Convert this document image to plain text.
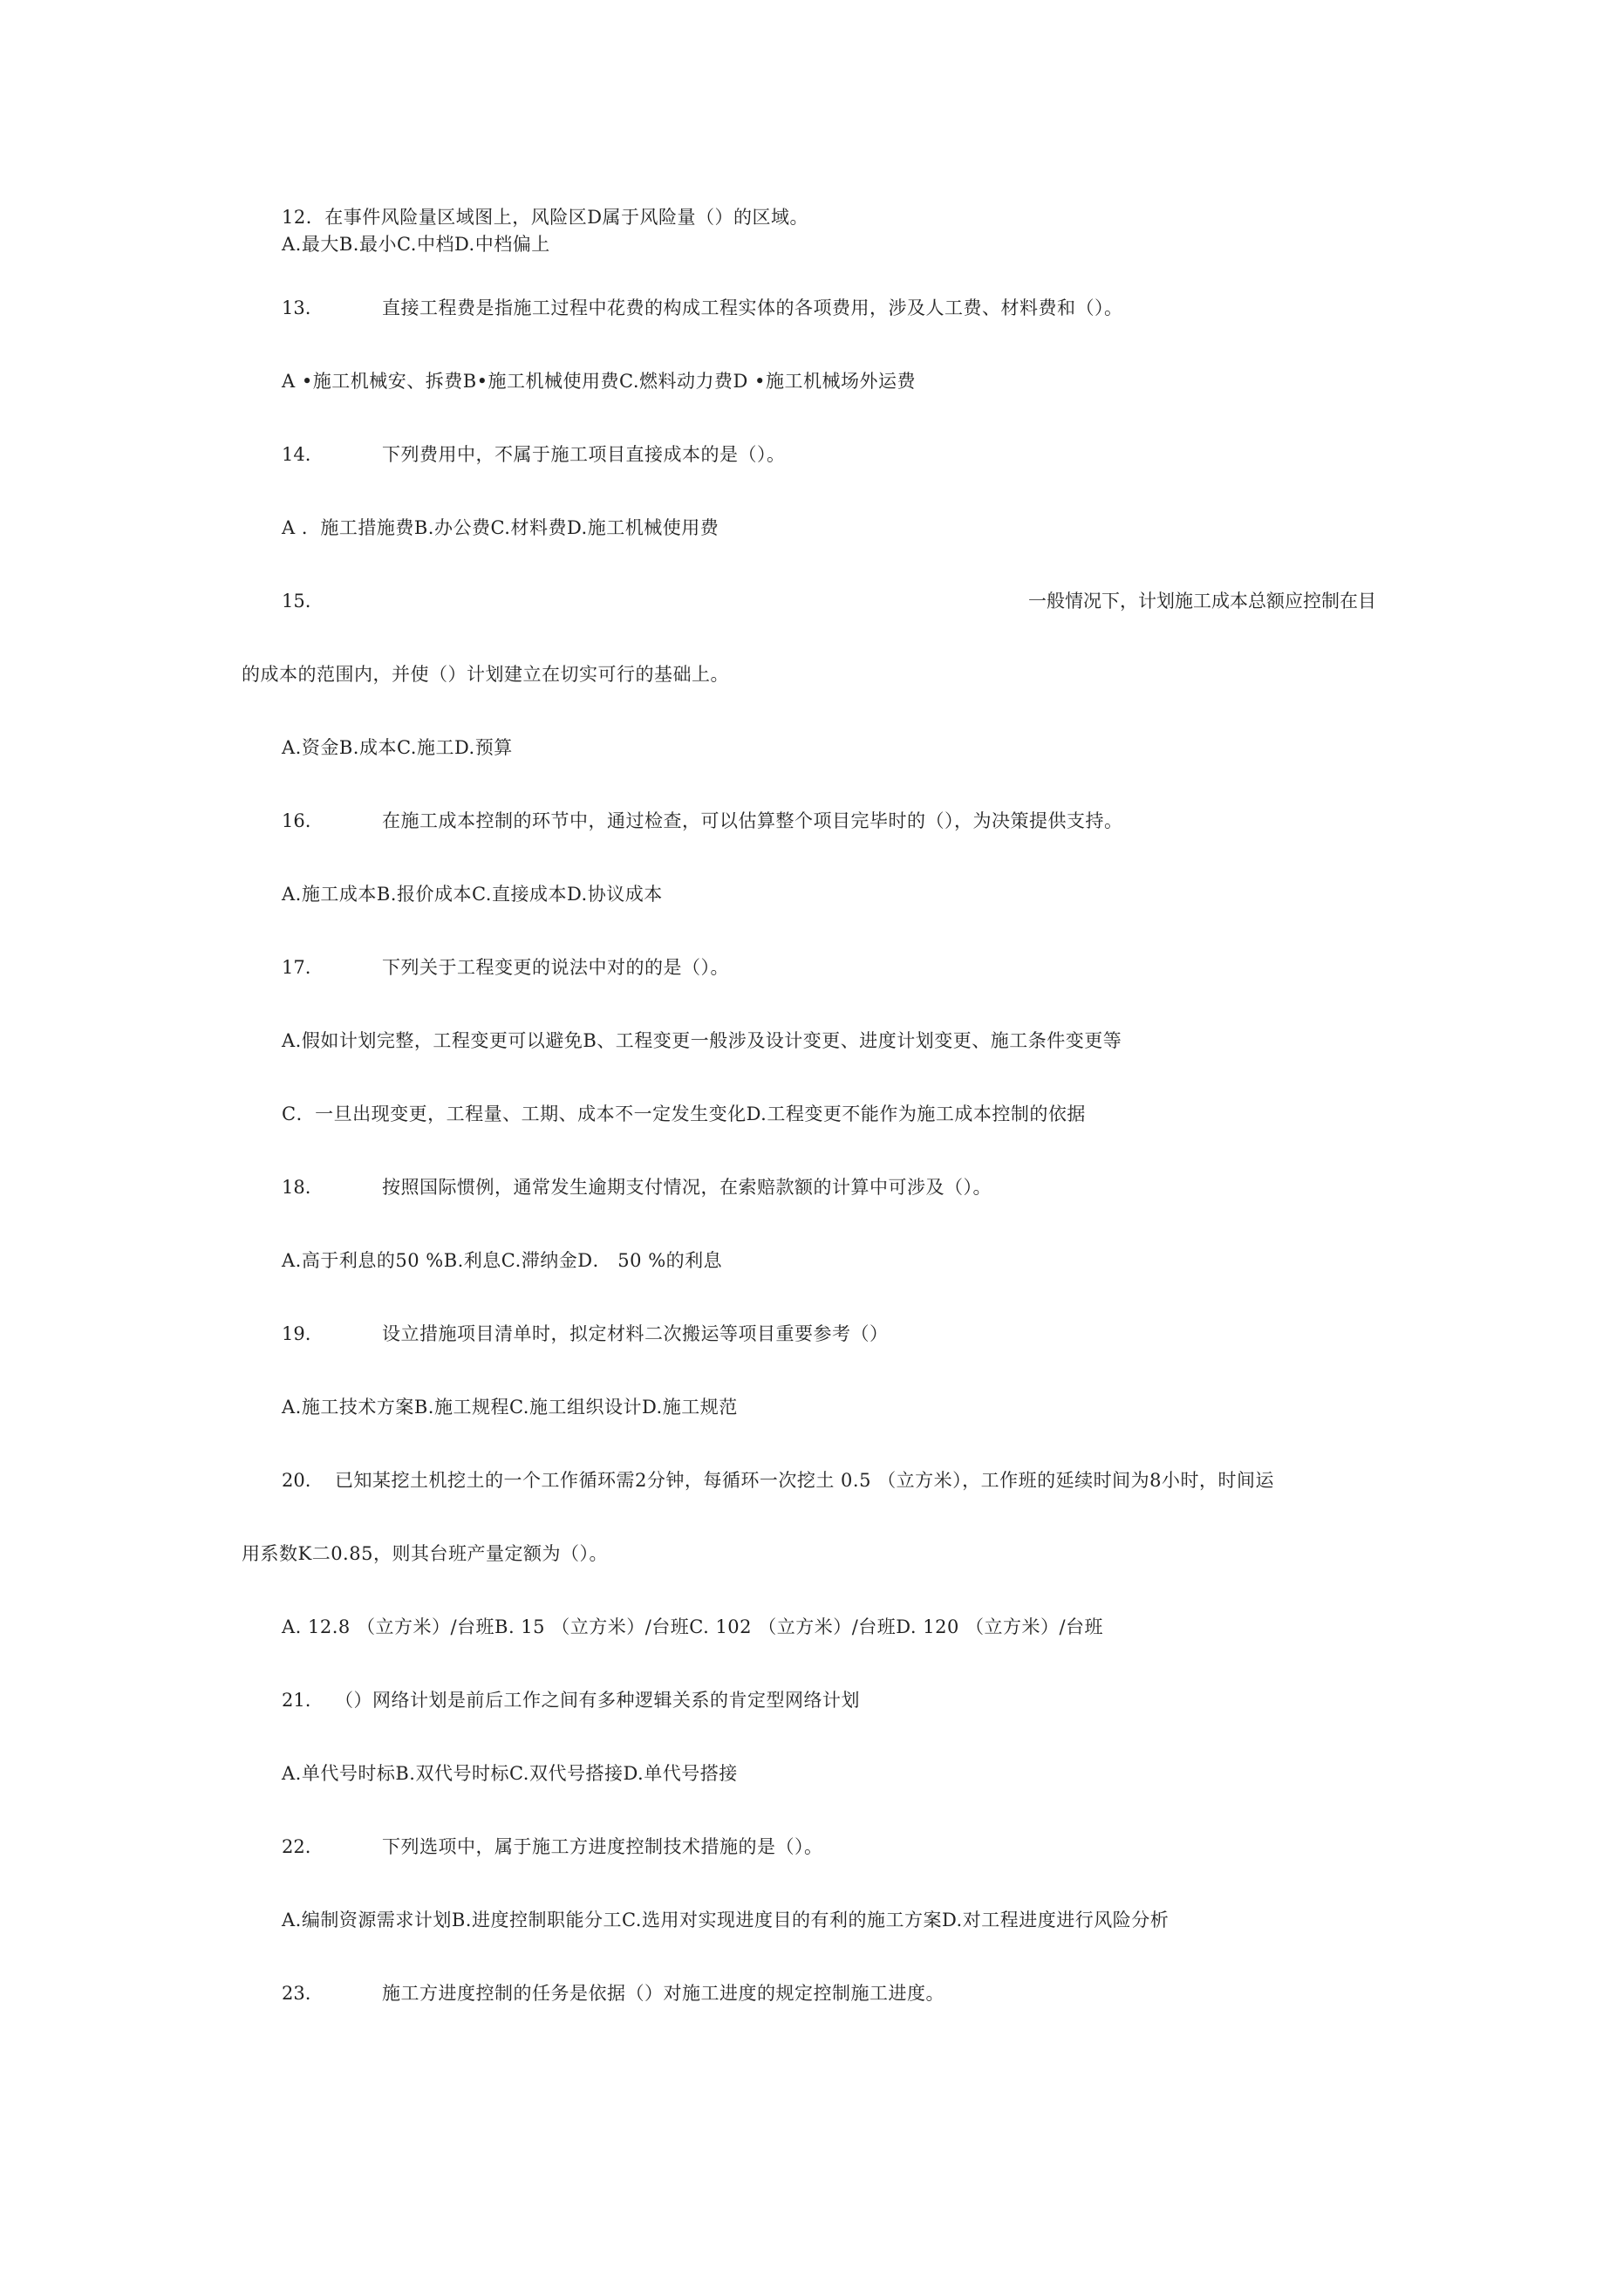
12．在事件风险量区域图上，风险区D属于风险量（）的区域。
A.最大B.最小C.中档D.中档偏上
13.	直接工程费是指施工过程中花费的构成工程实体的各项费用，涉及人工费、材料费和（）。
A •施工机械安、拆费B•施工机械使用费C.燃料动力费D •施工机械场外运费
14.	下列费用中，不属于施工项目直接成本的是（）。
A ．施工措施费B.办公费C.材料费D.施工机械使用费
15.	一般情况下，计划施工成本总额应控制在目
的成本的范围内，并使（）计划建立在切实可行的基础上。
A.资金B.成本C.施工D.预算
16.	在施工成本控制的环节中，通过检查，可以估算整个项目完毕时的（），为决策提供支持。
A.施工成本B.报价成本C.直接成本D.协议成本
17.	下列关于工程变更的说法中对的的是（）。
A.假如计划完整，工程变更可以避免B、工程变更一般涉及设计变更、进度计划变更、施工条件变更等
C．一旦出现变更，工程量、工期、成本不一定发生变化D.工程变更不能作为施工成本控制的依据
18.	按照国际惯例，通常发生逾期支付情况，在索赔款额的计算中可涉及（）。
A.高于利息的50 %B.利息C.滞纳金D． 50 %的利息
19.	设立措施项目清单时，拟定材料二次搬运等项目重要参考（）
A.施工技术方案B.施工规程C.施工组织设计D.施工规范
20. 已知某挖土机挖土的一个工作循环需2分钟，每循环一次挖土 0.5 （立方米），工作班的延续时间为8小时，时间运
用系数K二0.85，则其台班产量定额为（）。
A. 12.8 （立方米）/台班B. 15 （立方米）/台班C. 102 （立方米）/台班D. 120 （立方米）/台班
21. （）网络计划是前后工作之间有多种逻辑关系的肯定型网络计划
A.单代号时标B.双代号时标C.双代号搭接D.单代号搭接
22.	下列选项中，属于施工方进度控制技术措施的是（）。
A.编制资源需求计划B.进度控制职能分工C.选用对实现进度目的有利的施工方案D.对工程进度进行风险分析
23.	施工方进度控制的任务是依据（）对施工进度的规定控制施工进度。
